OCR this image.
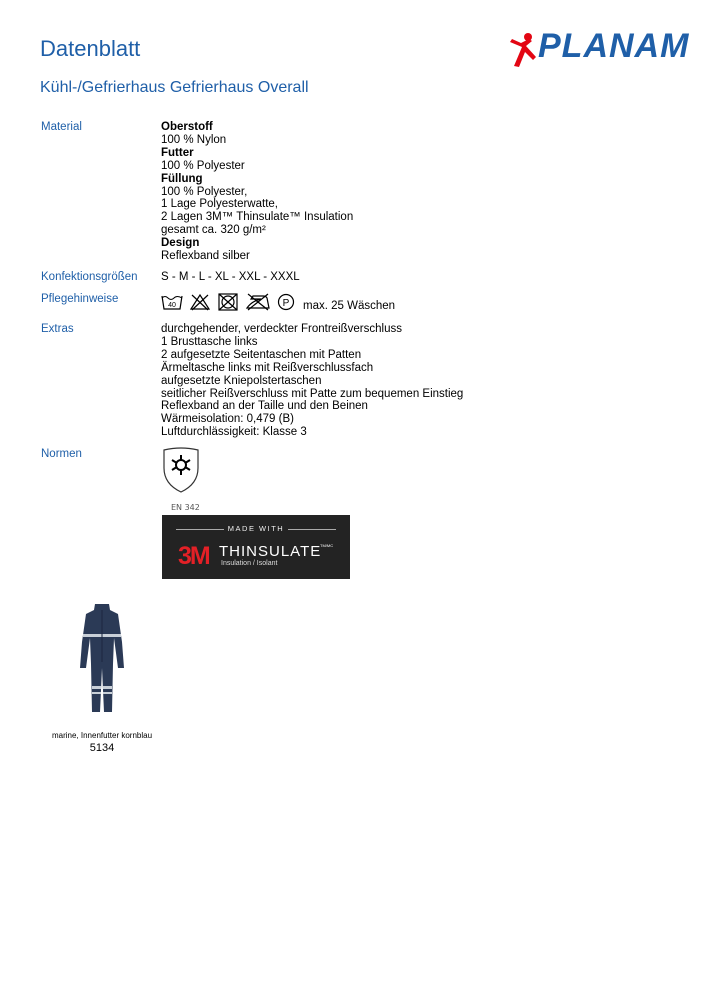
Datenblatt
Kühl-/Gefrierhaus Gefrierhaus Overall
PLANAM
Material	Oberstoff
100 % Nylon
Futter
100 % Polyester
Füllung
100 % Polyester,
1 Lage Polyesterwatte,
2 Lagen 3M™ Thinsulate™ Insulation
gesamt ca. 320 g/m²
Design
Reflexband silber
Konfektionsgrößen S - M - L - XL - XXL - XXXL
Pflegehinweise
40	P max. 25 Wäschen
Extras	durchgehender, verdeckter Frontreißverschluss
1 Brusttasche links
2 aufgesetzte Seitentaschen mit Patten
Ärmeltasche links mit Reißverschlussfach
aufgesetzte Kniepolstertaschen
seitlicher Reißverschluss mit Patte zum bequemen Einstieg
Reflexband an der Taille und den Beinen
Wärmeisolation: 0,479 (B)
Luftdurchlässigkeit: Klasse 3
Normen
EN 342
MADE WITH
3M THINSULATE
TM/MC
Insulation / Isolant
marine, Innenfutter kornblau
5134
